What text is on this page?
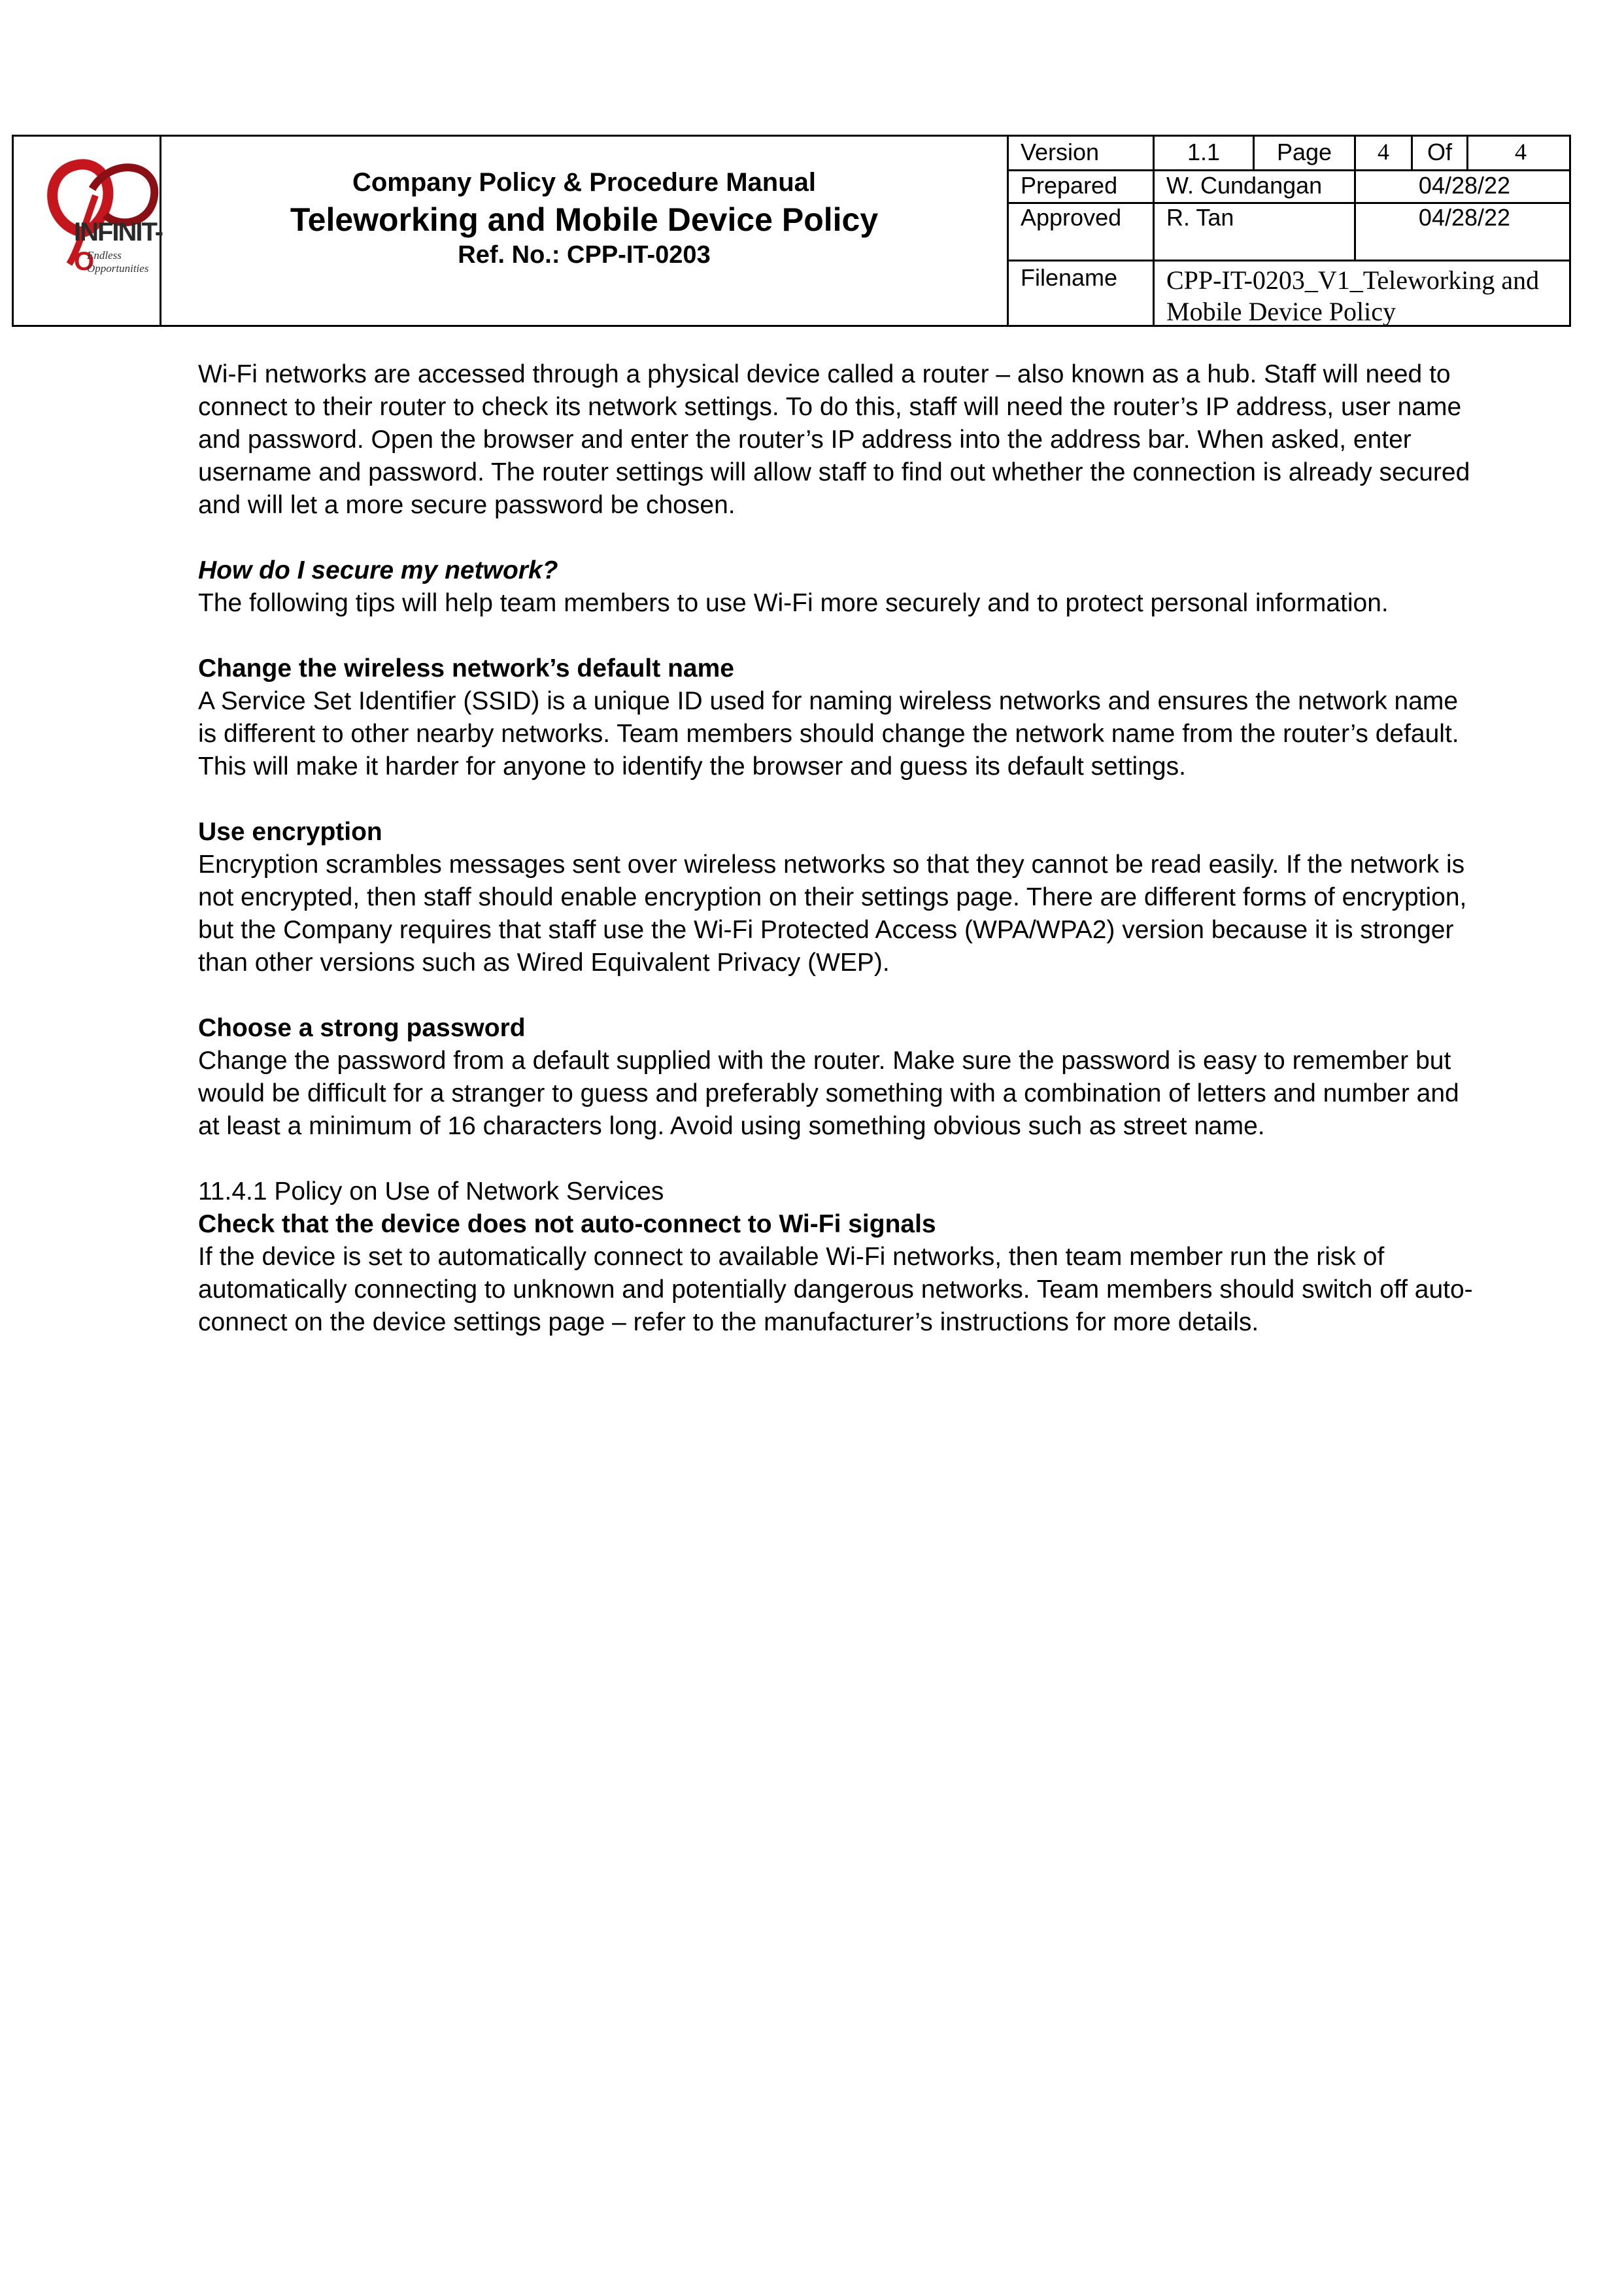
INFINIT-O
Endless Opportunities
Company Policy & Procedure Manual
Teleworking and Mobile Device Policy
Ref. No.: CPP-IT-0203
Version	1.1	Page	4	Of	4
Prepared	W. Cundangan	04/28/22
Approved	R. Tan	04/28/22
Filename	CPP-IT-0203_V1_Teleworking and
Mobile Device Policy

Wi-Fi networks are accessed through a physical device called a router – also known as a hub. Staff will need to connect to their router to check its network settings. To do this, staff will need the router’s IP address, user name and password. Open the browser and enter the router’s IP address into the address bar. When asked, enter username and password. The router settings will allow staff to find out whether the connection is already secured and will let a more secure password be chosen.

How do I secure my network?
The following tips will help team members to use Wi-Fi more securely and to protect personal information.

Change the wireless network’s default name
A Service Set Identifier (SSID) is a unique ID used for naming wireless networks and ensures the network name is different to other nearby networks. Team members should change the network name from the router’s default. This will make it harder for anyone to identify the browser and guess its default settings.

Use encryption
Encryption scrambles messages sent over wireless networks so that they cannot be read easily. If the network is not encrypted, then staff should enable encryption on their settings page. There are different forms of encryption, but the Company requires that staff use the Wi-Fi Protected Access (WPA/WPA2) version because it is stronger than other versions such as Wired Equivalent Privacy (WEP).

Choose a strong password
Change the password from a default supplied with the router. Make sure the password is easy to remember but would be difficult for a stranger to guess and preferably something with a combination of letters and number and at least a minimum of 16 characters long. Avoid using something obvious such as street name.

11.4.1 Policy on Use of Network Services
Check that the device does not auto-connect to Wi-Fi signals
If the device is set to automatically connect to available Wi-Fi networks, then team member run the risk of automatically connecting to unknown and potentially dangerous networks. Team members should switch off auto-connect on the device settings page – refer to the manufacturer’s instructions for more details.
